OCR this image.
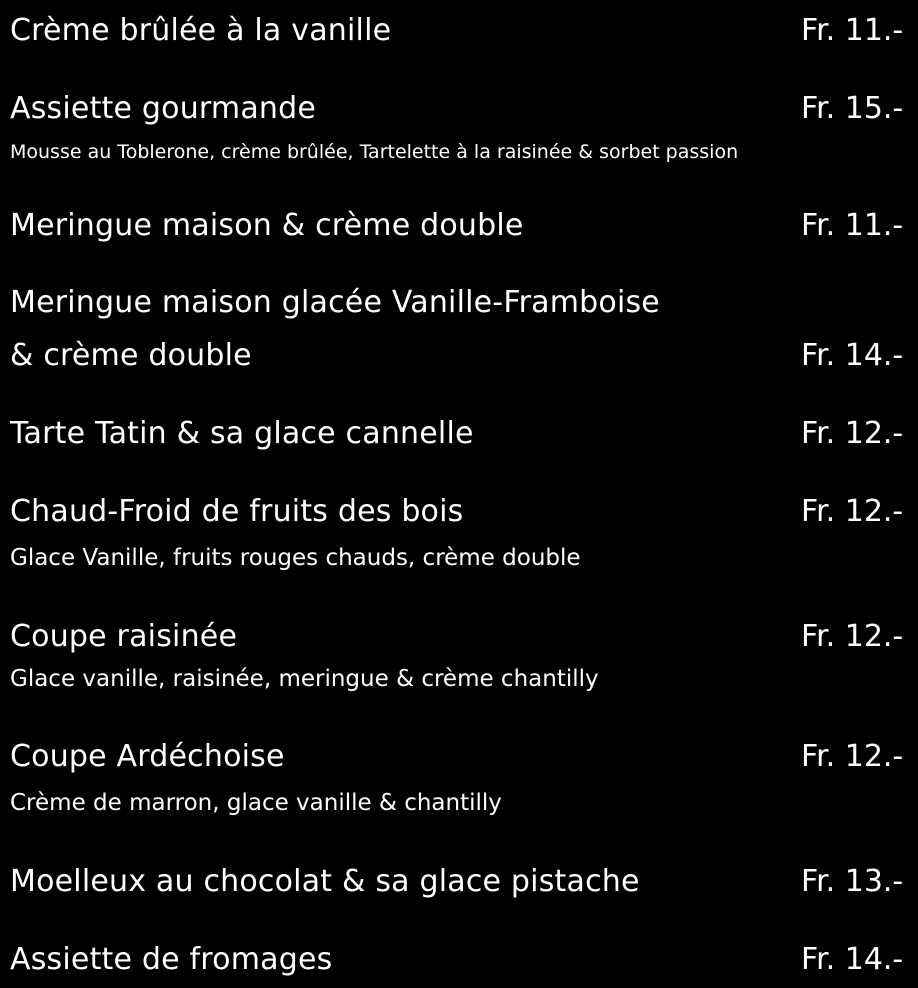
Crème brûlée à la vanille	Fr. 11.-
Assiette gourmande	Fr. 15.-
Mousse au Toblerone, crème brûlée, Tartelette à la raisinée & sorbet passion
Meringue maison & crème double	Fr. 11.-
Meringue maison glacée Vanille-Framboise
& crème double	Fr. 14.-
Tarte Tatin & sa glace cannelle	Fr. 12.-
Chaud-Froid de fruits des bois	Fr. 12.-
Glace Vanille, fruits rouges chauds, crème double
Coupe raisinée	Fr. 12.-
Glace vanille, raisinée, meringue & crème chantilly
Coupe Ardéchoise	Fr. 12.-
Crème de marron, glace vanille & chantilly
Moelleux au chocolat & sa glace pistache	Fr. 13.-
Assiette de fromages	Fr. 14.-
